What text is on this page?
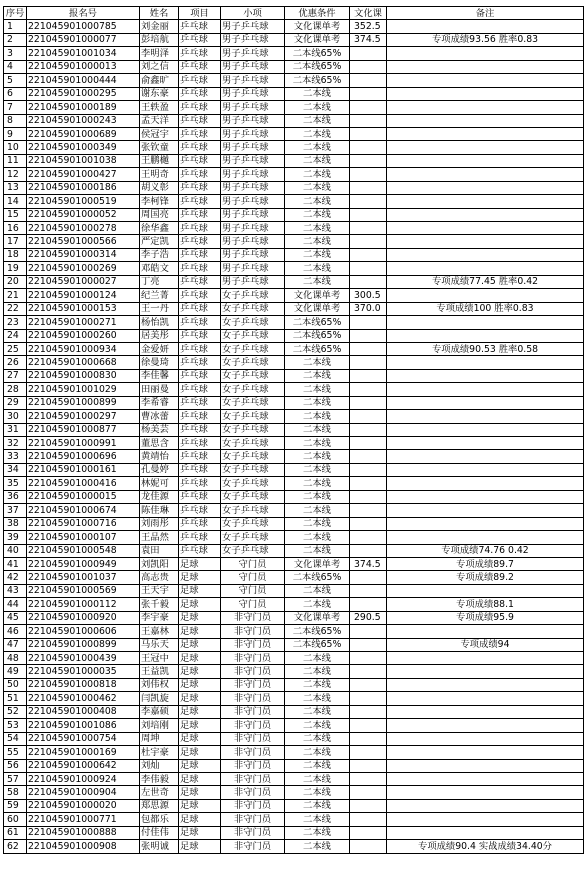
序号	报名号	姓名	项目	小项	优惠条件	文化课	备注
1	221045901000785	刘金丽	乒乓球	男子乒乓球	文化课单考	352.5	
2	221045901000077	彭培航	乒乓球	男子乒乓球	文化课单考	374.5	专项成绩93.56 胜率0.83
3	221045901001034	李明泽	乒乓球	男子乒乓球	二本线65%		
4	221045901000013	刘之信	乒乓球	男子乒乓球	二本线65%		
5	221045901000444	俞鑫旷	乒乓球	男子乒乓球	二本线65%		
6	221045901000295	谢东豪	乒乓球	男子乒乓球	二本线		
7	221045901000189	王轶盈	乒乓球	男子乒乓球	二本线		
8	221045901000243	孟天洋	乒乓球	男子乒乓球	二本线		
9	221045901000689	侯冠宇	乒乓球	男子乒乓球	二本线		
10	221045901000349	张钦童	乒乓球	男子乒乓球	二本线		
11	221045901001038	王鹏樾	乒乓球	男子乒乓球	二本线		
12	221045901000427	王明奇	乒乓球	男子乒乓球	二本线		
13	221045901000186	胡义彰	乒乓球	男子乒乓球	二本线		
14	221045901000519	李柯锋	乒乓球	男子乒乓球	二本线		
15	221045901000052	周国亮	乒乓球	男子乒乓球	二本线		
16	221045901000278	徐华鑫	乒乓球	男子乒乓球	二本线		
17	221045901000566	严定凯	乒乓球	男子乒乓球	二本线		
18	221045901000314	李子浩	乒乓球	男子乒乓球	二本线		
19	221045901000269	邓皓文	乒乓球	男子乒乓球	二本线		
20	221045901000027	丁亮	乒乓球	男子乒乓球	二本线		专项成绩77.45 胜率0.42
21	221045901000124	纪兰菁	乒乓球	女子乒乓球	文化课单考	300.5	
22	221045901000153	王一丹	乒乓球	女子乒乓球	文化课单考	370.0	专项成绩100 胜率0.83
23	221045901000271	杨怡凯	乒乓球	女子乒乓球	二本线65%		
24	221045901000260	居美彤	乒乓球	女子乒乓球	二本线65%		
25	221045901000934	金爱妍	乒乓球	女子乒乓球	二本线65%		专项成绩90.53 胜率0.58
26	221045901000668	徐曼琦	乒乓球	女子乒乓球	二本线		
27	221045901000830	李佳馨	乒乓球	女子乒乓球	二本线		
28	221045901001029	田丽曼	乒乓球	女子乒乓球	二本线		
29	221045901000899	李希睿	乒乓球	女子乒乓球	二本线		
30	221045901000297	曹冰蕾	乒乓球	女子乒乓球	二本线		
31	221045901000877	杨美芸	乒乓球	女子乒乓球	二本线		
32	221045901000991	董思含	乒乓球	女子乒乓球	二本线		
33	221045901000696	黄靖怡	乒乓球	女子乒乓球	二本线		
34	221045901000161	孔曼婷	乒乓球	女子乒乓球	二本线		
35	221045901000416	林妮可	乒乓球	女子乒乓球	二本线		
36	221045901000015	龙佳源	乒乓球	女子乒乓球	二本线		
37	221045901000674	陈佳琳	乒乓球	女子乒乓球	二本线		
38	221045901000716	刘雨彤	乒乓球	女子乒乓球	二本线		
39	221045901000107	王品然	乒乓球	女子乒乓球	二本线		
40	221045901000548	袁田	乒乓球	女子乒乓球	二本线		专项成绩74.76 0.42
41	221045901000949	刘凯阳	足球	守门员	文化课单考	374.5	专项成绩89.7
42	221045901001037	高志贵	足球	守门员	二本线65%		专项成绩89.2
43	221045901000569	王天宇	足球	守门员	二本线		
44	221045901000112	张千毅	足球	守门员	二本线		专项成绩88.1
45	221045901000920	李宇豪	足球	非守门员	文化课单考	290.5	专项成绩95.9
46	221045901000606	王嘉林	足球	非守门员	二本线65%		
47	221045901000899	马乐天	足球	非守门员	二本线65%		专项成绩94
48	221045901000439	王冠中	足球	非守门员	二本线		
49	221045901000035	王益凯	足球	非守门员	二本线		
50	221045901000818	刘伟权	足球	非守门员	二本线		
51	221045901000462	闫凯旋	足球	非守门员	二本线		
52	221045901000408	李嘉硕	足球	非守门员	二本线		
53	221045901001086	刘培刚	足球	非守门员	二本线		
54	221045901000754	周坤	足球	非守门员	二本线		
55	221045901000169	杜宇豪	足球	非守门员	二本线		
56	221045901000642	刘灿	足球	非守门员	二本线		
57	221045901000924	李伟毅	足球	非守门员	二本线		
58	221045901000904	左世奇	足球	非守门员	二本线		
59	221045901000020	郑思源	足球	非守门员	二本线		
60	221045901000771	包都乐	足球	非守门员	二本线		
61	221045901000888	付佳伟	足球	非守门员	二本线		
62	221045901000908	张明诚	足球	非守门员	二本线		专项成绩90.4 实战成绩34.40分
